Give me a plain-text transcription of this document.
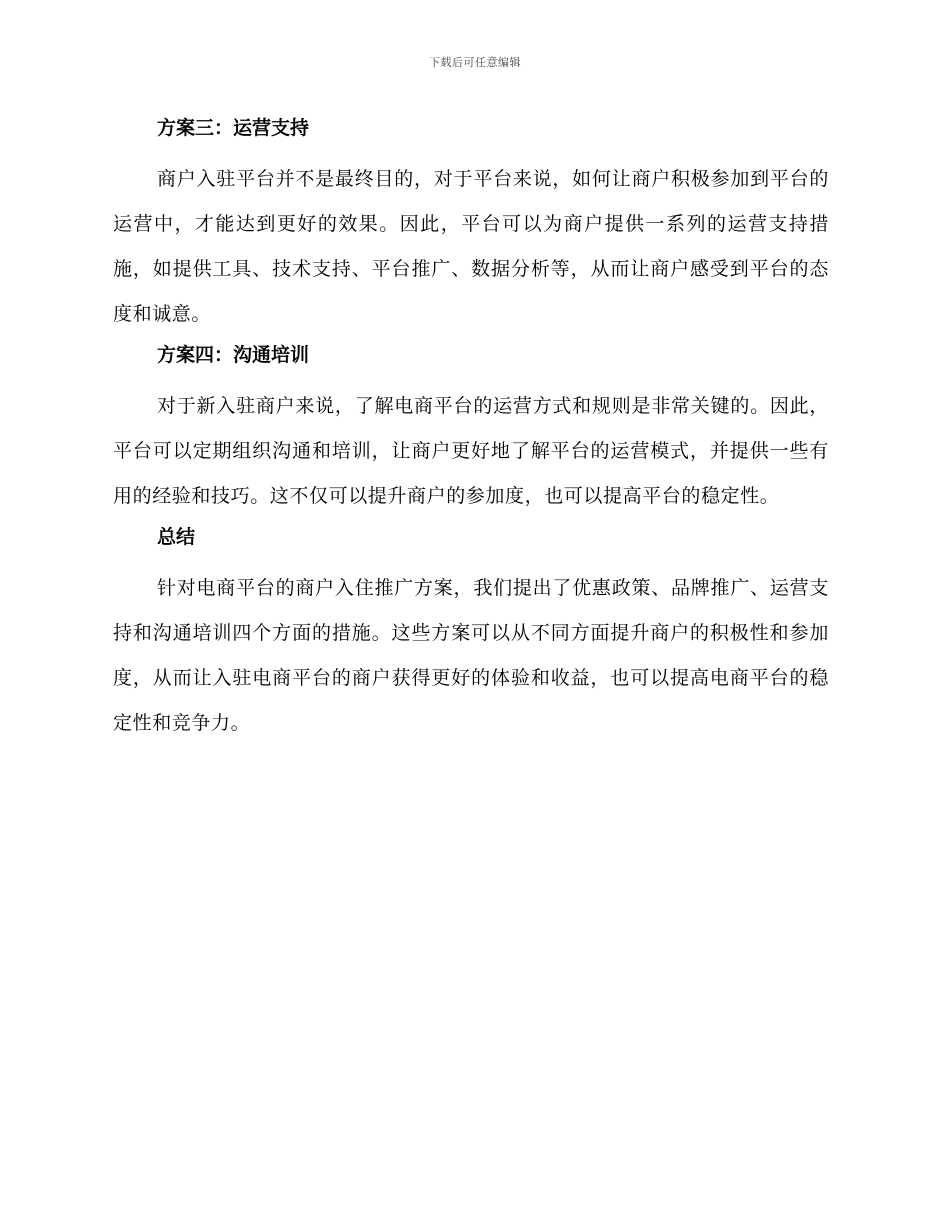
下载后可任意编辑
方案三：运营支持

商户入驻平台并不是最终目的，对于平台来说，如何让商户积极参加到平台的运营中，才能达到更好的效果。因此，平台可以为商户提供一系列的运营支持措施，如提供工具、技术支持、平台推广、数据分析等，从而让商户感受到平台的态度和诚意。

方案四：沟通培训

对于新入驻商户来说，了解电商平台的运营方式和规则是非常关键的。因此，平台可以定期组织沟通和培训，让商户更好地了解平台的运营模式，并提供一些有用的经验和技巧。这不仅可以提升商户的参加度，也可以提高平台的稳定性。

总结

针对电商平台的商户入住推广方案，我们提出了优惠政策、品牌推广、运营支持和沟通培训四个方面的措施。这些方案可以从不同方面提升商户的积极性和参加度，从而让入驻电商平台的商户获得更好的体验和收益，也可以提高电商平台的稳定性和竞争力。
